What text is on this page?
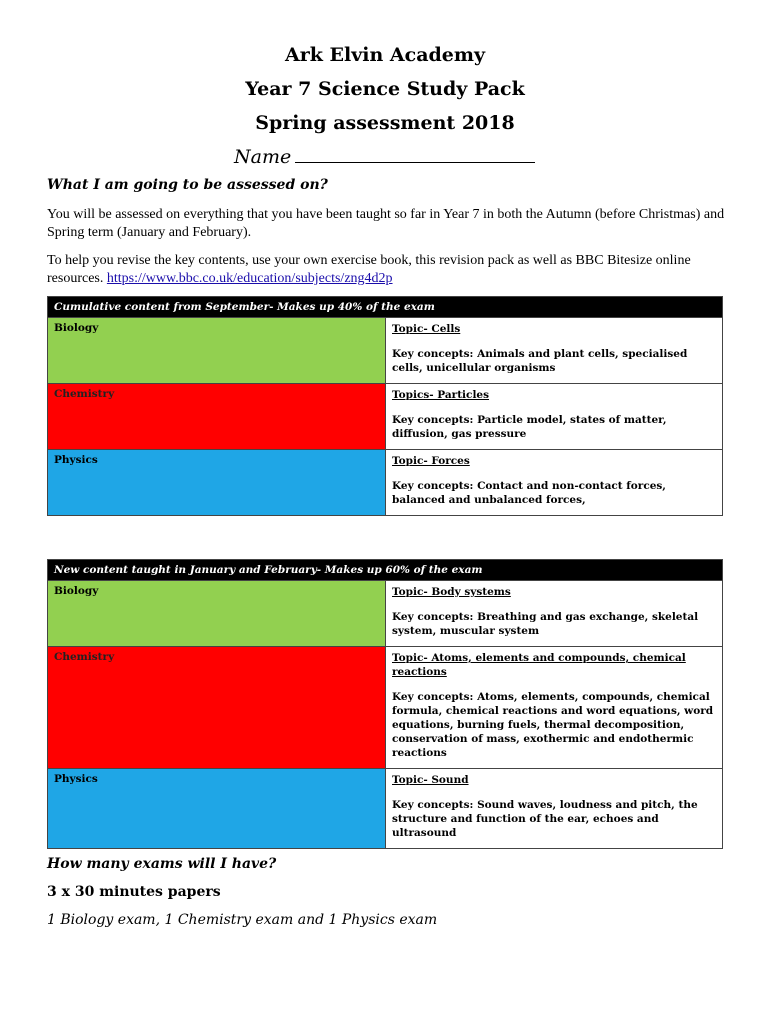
Ark Elvin Academy
Year 7 Science Study Pack
Spring assessment 2018
Name
What I am going to be assessed on?
You will be assessed on everything that you have been taught so far in Year 7 in both the Autumn (before Christmas) and Spring term (January and February).
To help you revise the key contents, use your own exercise book, this revision pack as well as BBC Bitesize online resources. https://www.bbc.co.uk/education/subjects/zng4d2p
Cumulative content from September- Makes up 40% of the exam	
Biology	Topic- Cells
Key concepts: Animals and plant cells, specialised cells, unicellular organisms
Chemistry	Topics- Particles
Key concepts: Particle model, states of matter, diffusion, gas pressure
Physics	Topic- Forces
Key concepts: Contact and non-contact forces, balanced and unbalanced forces,
New content taught in January and February- Makes up 60% of the exam	
Biology	Topic- Body systems
Key concepts: Breathing and gas exchange, skeletal system, muscular system
Chemistry	Topic- Atoms, elements and compounds, chemical reactions
Key concepts: Atoms, elements, compounds, chemical formula, chemical reactions and word equations, word equations, burning fuels, thermal decomposition, conservation of mass, exothermic and endothermic reactions
Physics	Topic- Sound
Key concepts: Sound waves, loudness and pitch, the structure and function of the ear, echoes and ultrasound
How many exams will I have?
3 x 30 minutes papers
1 Biology exam, 1 Chemistry exam and 1 Physics exam
